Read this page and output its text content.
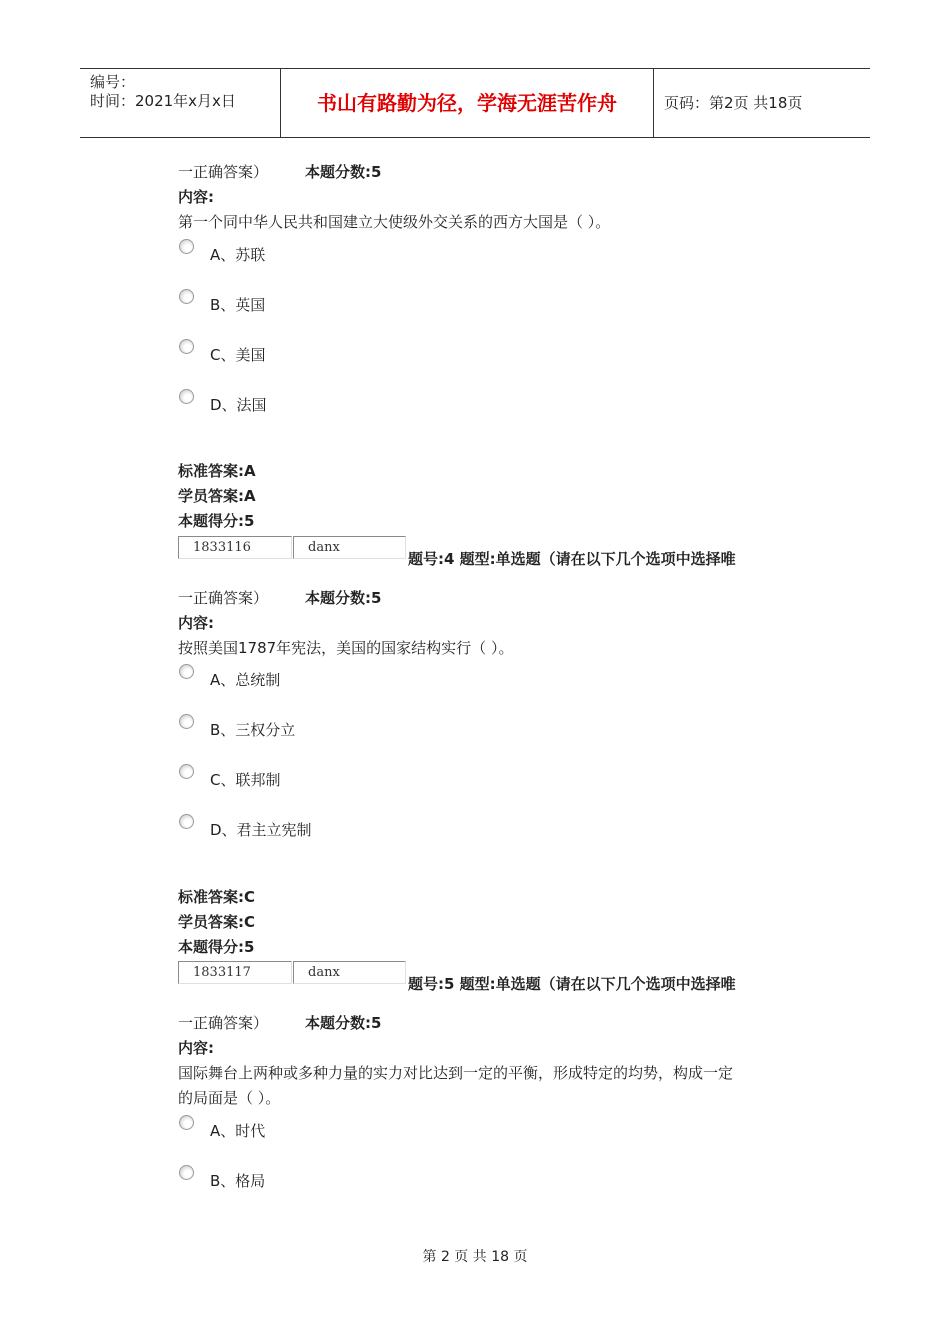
编号：
时间：2021年x月x日	书山有路勤为径，学海无涯苦作舟	页码：第2页 共18页
一正确答案） 本题分数:5
内容:
第一个同中华人民共和国建立大使级外交关系的西方大国是（ ）。
A、苏联
B、英国
C、美国
D、法国
标准答案:A
学员答案:A
本题得分:5
1833116	danx
题号:4 题型:单选题（请在以下几个选项中选择唯
一正确答案） 本题分数:5
内容:
按照美国1787年宪法，美国的国家结构实行（ ）。
A、总统制
B、三权分立
C、联邦制
D、君主立宪制
标准答案:C
学员答案:C
本题得分:5
1833117	danx
题号:5 题型:单选题（请在以下几个选项中选择唯
一正确答案） 本题分数:5
内容:
国际舞台上两种或多种力量的实力对比达到一定的平衡，形成特定的均势，构成一定
的局面是（ ）。
A、时代
B、格局
第 2 页 共 18 页
